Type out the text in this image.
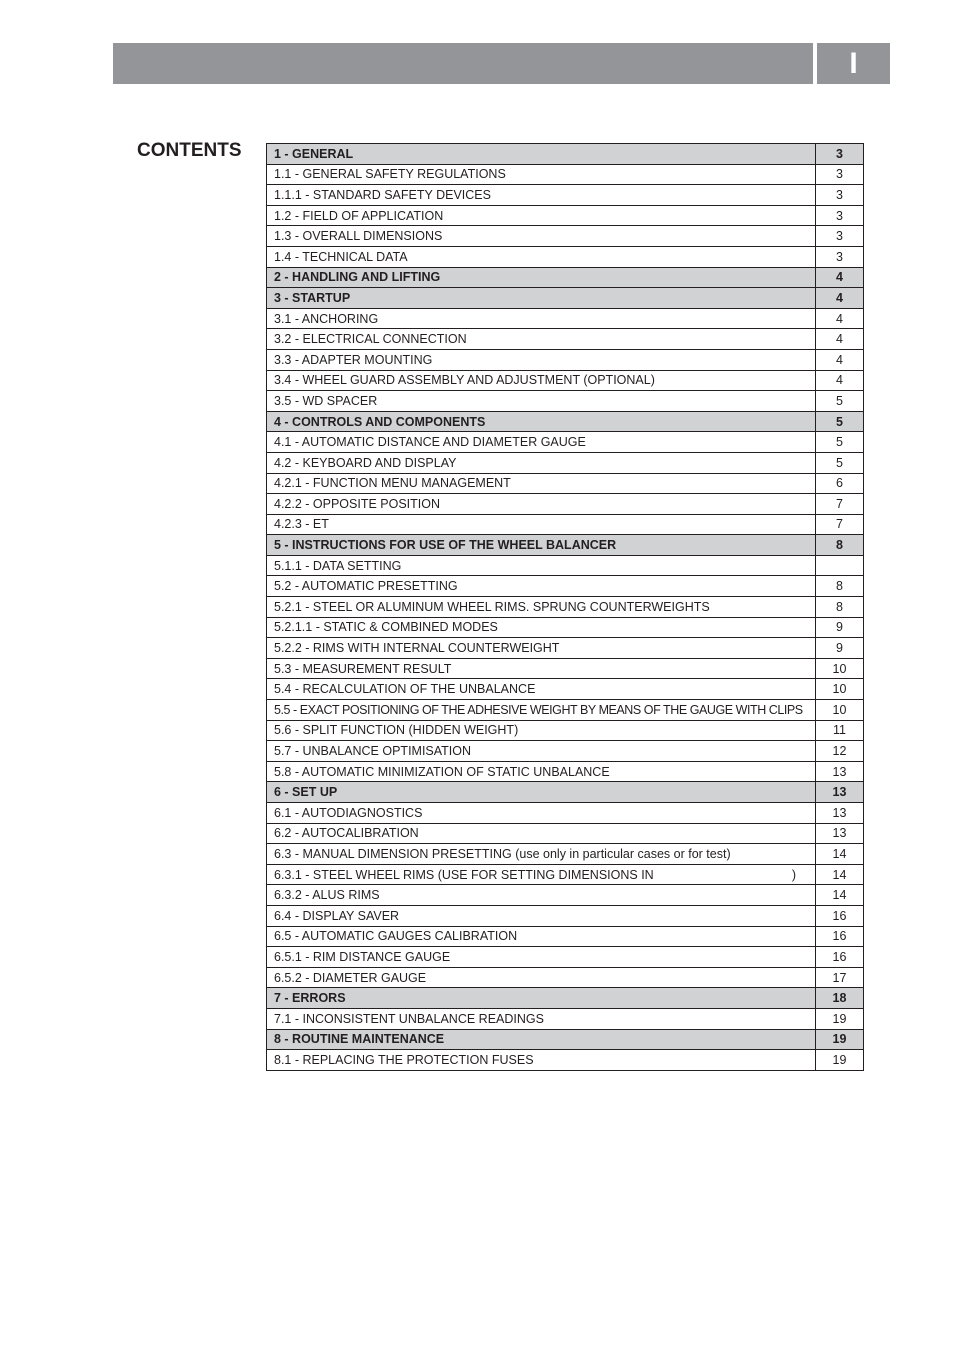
I
CONTENTS	1 - GENERAL	3
1.1 - GENERAL SAFETY REGULATIONS	3
1.1.1 - STANDARD SAFETY DEVICES	3
1.2 - FIELD OF APPLICATION	3
1.3 - OVERALL DIMENSIONS	3
1.4 - TECHNICAL DATA	3
2 - HANDLING AND LIFTING	4
3 - STARTUP	4
3.1 - ANCHORING	4
3.2 - ELECTRICAL CONNECTION	4
3.3 - ADAPTER MOUNTING	4
3.4 - WHEEL GUARD ASSEMBLY AND ADJUSTMENT (OPTIONAL)	4
3.5 - WD SPACER	5
4 - CONTROLS AND COMPONENTS	5
4.1 - AUTOMATIC DISTANCE AND DIAMETER GAUGE	5
4.2 - KEYBOARD AND DISPLAY	5
4.2.1 - FUNCTION MENU MANAGEMENT	6
4.2.2 - OPPOSITE POSITION	7
4.2.3 - ET	7
5 - INSTRUCTIONS FOR USE OF THE WHEEL BALANCER	8
5.1.1 - DATA SETTING	
5.2 - AUTOMATIC PRESETTING	8
5.2.1 - STEEL OR ALUMINUM WHEEL RIMS. SPRUNG COUNTERWEIGHTS	8
5.2.1.1 - STATIC & COMBINED MODES	9
5.2.2 - RIMS WITH INTERNAL COUNTERWEIGHT	9
5.3 - MEASUREMENT RESULT	10
5.4 - RECALCULATION OF THE UNBALANCE	10
5.5 - EXACT POSITIONING OF THE ADHESIVE WEIGHT BY MEANS OF THE GAUGE WITH CLIPS	10
5.6 - SPLIT FUNCTION (HIDDEN WEIGHT)	11
5.7 - UNBALANCE OPTIMISATION	12
5.8 - AUTOMATIC MINIMIZATION OF STATIC UNBALANCE	13
6 - SET UP	13
6.1 - AUTODIAGNOSTICS	13
6.2 - AUTOCALIBRATION	13
6.3 - MANUAL DIMENSION PRESETTING (use only in particular cases or for test)	14
6.3.1 - STEEL WHEEL RIMS (USE FOR SETTING DIMENSIONS IN )	14
6.3.2 - ALUS RIMS	14
6.4 - DISPLAY SAVER	16
6.5 - AUTOMATIC GAUGES CALIBRATION	16
6.5.1 - RIM DISTANCE GAUGE	16
6.5.2 - DIAMETER GAUGE	17
7 - ERRORS	18
7.1 - INCONSISTENT UNBALANCE READINGS	19
8 - ROUTINE MAINTENANCE	19
8.1 - REPLACING THE PROTECTION FUSES	19
